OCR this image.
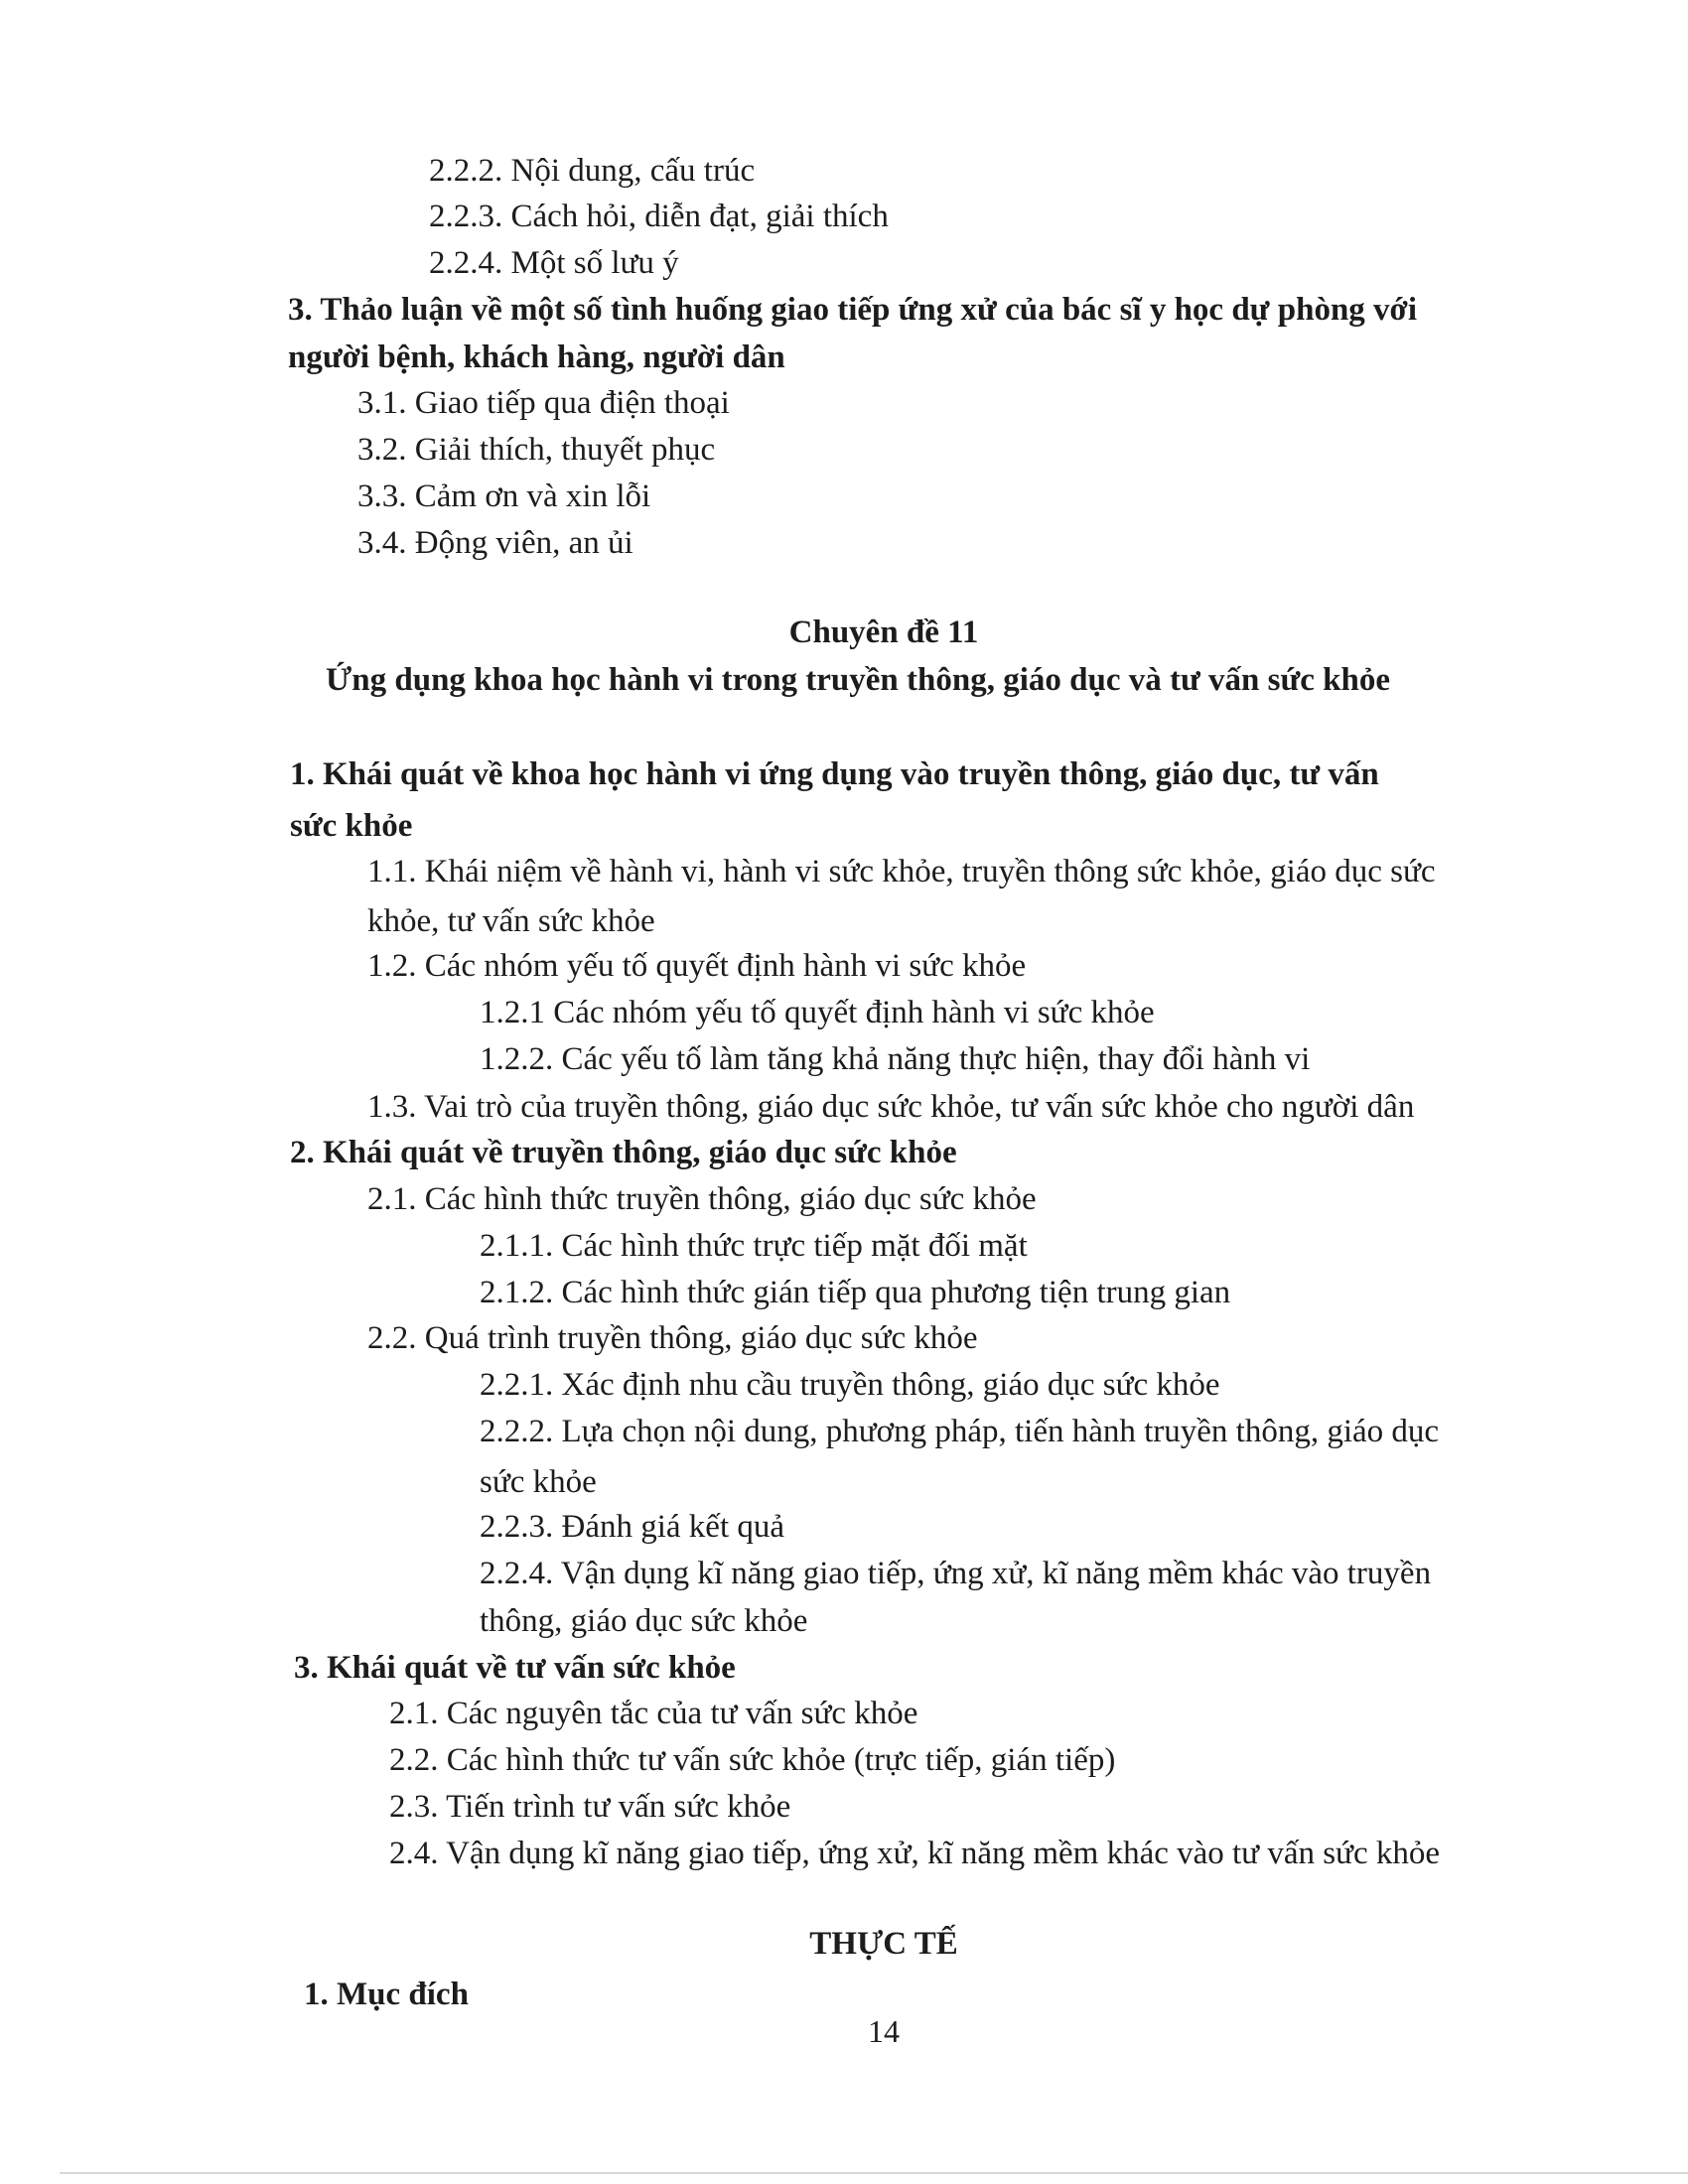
2.2.2. Nội dung, cấu trúc
2.2.3. Cách hỏi, diễn đạt, giải thích
2.2.4. Một số lưu ý
3. Thảo luận về một số tình huống giao tiếp ứng xử của bác sĩ y học dự phòng với
người bệnh, khách hàng, người dân
3.1. Giao tiếp qua điện thoại
3.2. Giải thích, thuyết phục
3.3. Cảm ơn và xin lỗi
3.4. Động viên, an ủi
Chuyên đề 11
Ứng dụng khoa học hành vi trong truyền thông, giáo dục và tư vấn sức khỏe
1. Khái quát về khoa học hành vi ứng dụng vào truyền thông, giáo dục, tư vấn
sức khỏe
1.1. Khái niệm về hành vi, hành vi sức khỏe, truyền thông sức khỏe, giáo dục sức
khỏe, tư vấn sức khỏe
1.2. Các nhóm yếu tố quyết định hành vi sức khỏe
1.2.1 Các nhóm yếu tố quyết định hành vi sức khỏe
1.2.2. Các yếu tố làm tăng khả năng thực hiện, thay đổi hành vi
1.3. Vai trò của truyền thông, giáo dục sức khỏe, tư vấn sức khỏe cho người dân
2. Khái quát về truyền thông, giáo dục sức khỏe
2.1. Các hình thức truyền thông, giáo dục sức khỏe
2.1.1. Các hình thức trực tiếp mặt đối mặt
2.1.2. Các hình thức gián tiếp qua phương tiện trung gian
2.2. Quá trình truyền thông, giáo dục sức khỏe
2.2.1. Xác định nhu cầu truyền thông, giáo dục sức khỏe
2.2.2. Lựa chọn nội dung, phương pháp, tiến hành truyền thông, giáo dục
sức khỏe
2.2.3. Đánh giá kết quả
2.2.4. Vận dụng kĩ năng giao tiếp, ứng xử, kĩ năng mềm khác vào truyền
thông, giáo dục sức khỏe
3. Khái quát về tư vấn sức khỏe
2.1. Các nguyên tắc của tư vấn sức khỏe
2.2. Các hình thức tư vấn sức khỏe (trực tiếp, gián tiếp)
2.3. Tiến trình tư vấn sức khỏe
2.4. Vận dụng kĩ năng giao tiếp, ứng xử, kĩ năng mềm khác vào tư vấn sức khỏe
THỰC TẾ
1. Mục đích
14
